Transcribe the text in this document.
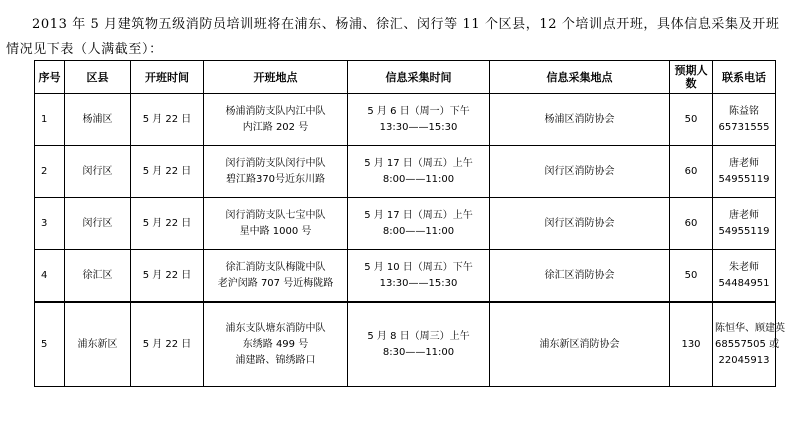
2013 年 5 月建筑物五级消防员培训班将在浦东、杨浦、徐汇、闵行等 11 个区县，12 个培训点开班，具体信息采集及开班
情况见下表（人满截至）：
序号	区县	开班时间	开班地点	信息采集时间	信息采集地点	预期人数	联系电话
1	杨浦区	5 月 22 日	杨浦消防支队内江中队
内江路 202 号	5 月 6 日（周一）下午
13:30——15:30	杨浦区消防协会	50	陈益铭
65731555

2	闵行区	5 月 22 日	闵行消防支队闵行中队
碧江路370号近东川路	5 月 17 日（周五）上午
8:00——11:00	闵行区消防协会	60	唐老师
54955119

3	闵行区	5 月 22 日	闵行消防支队七宝中队
星中路 1000 号	5 月 17 日（周五）上午
8:00——11:00	闵行区消防协会	60	唐老师
54955119

4	徐汇区	5 月 22 日	徐汇消防支队梅陇中队
老沪闵路 707 号近梅陇路	5 月 10 日（周五）下午
13:30——15:30	徐汇区消防协会	50	朱老师
54484951

5	浦东新区	5 月 22 日	浦东支队塘东消防中队
东绣路 499 号
浦建路、锦绣路口	5 月 8 日（周三）上午
8:30——11:00	浦东新区消防协会	130	陈恒华、顾建英
68557505 或
22045913
